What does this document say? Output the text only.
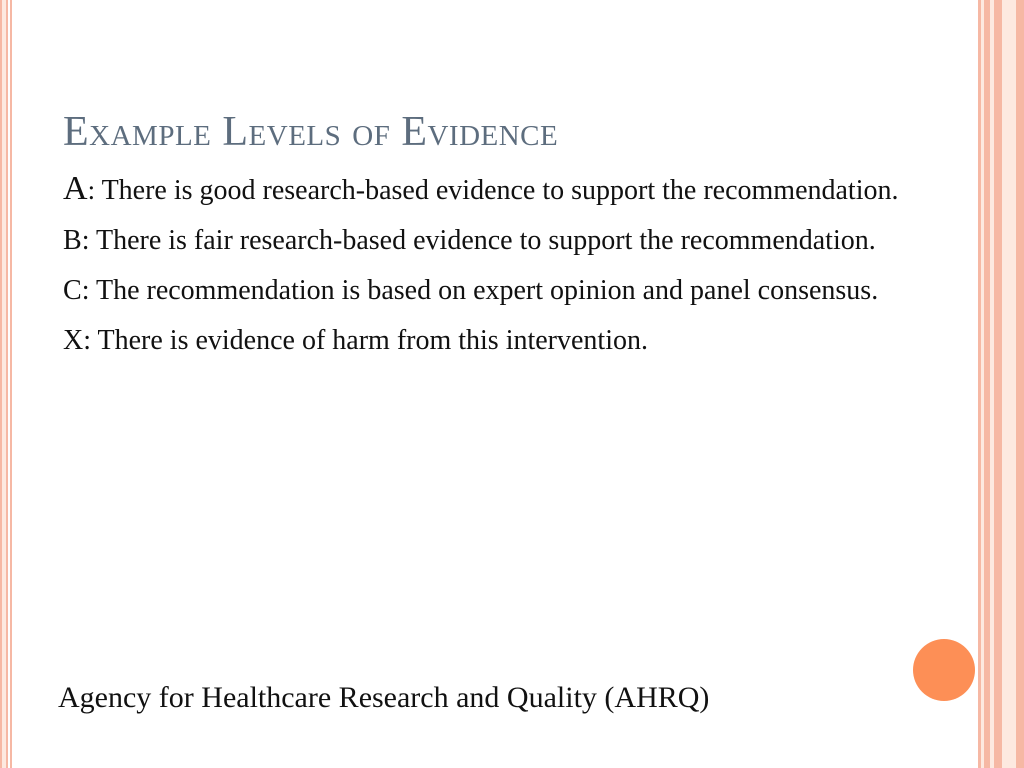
Example Levels of Evidence
A: There is good research-based evidence to support the recommendation.
B: There is fair research-based evidence to support the recommendation.
C: The recommendation is based on expert opinion and panel consensus.
X: There is evidence of harm from this intervention.

Agency for Healthcare Research and Quality (AHRQ)
